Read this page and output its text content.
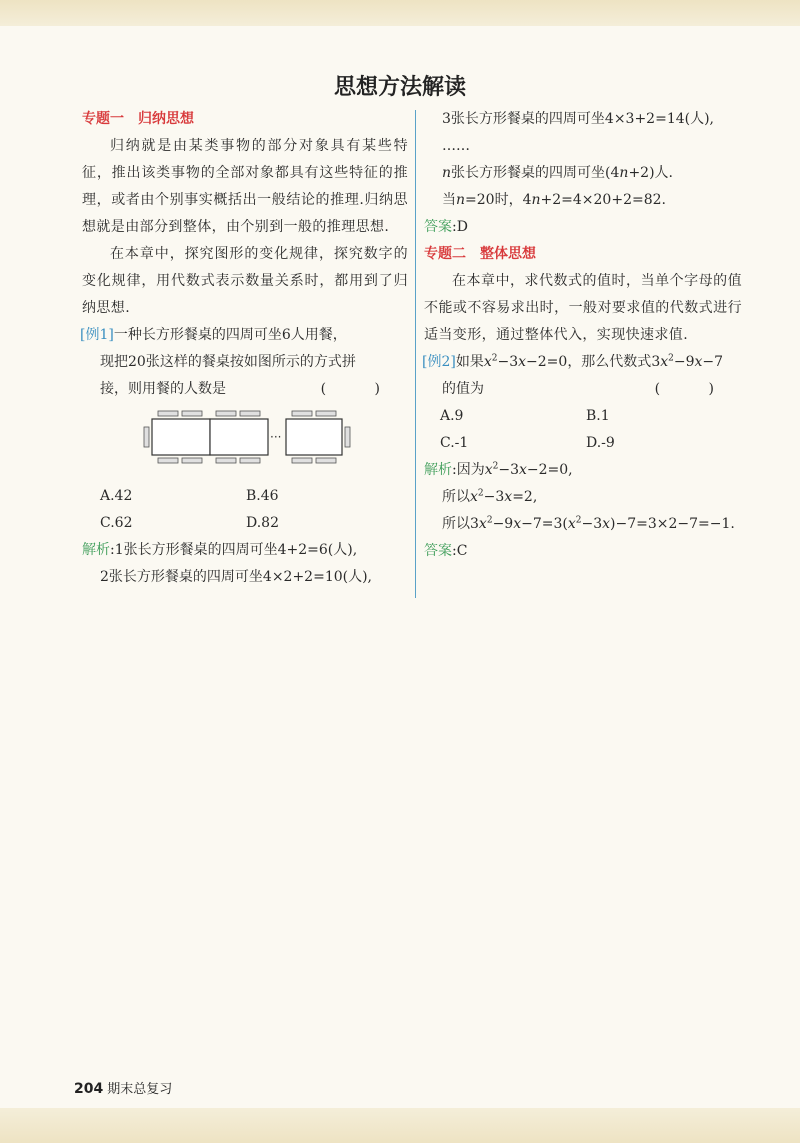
思想方法解读
专题一 归纳思想

归纳就是由某类事物的部分对象具有某些特征，推出该类事物的全部对象都具有这些特征的推理，或者由个别事实概括出一般结论的推理.归纳思想就是由部分到整体，由个别到一般的推理思想.

在本章中，探究图形的变化规律，探究数字的变化规律，用代数式表示数量关系时，都用到了归纳思想.

[例1]一种长方形餐桌的四周可坐6人用餐，
现把20张这样的餐桌按如图所示的方式拼
接，则用餐的人数是	( )
···
A.42	B.46
C.62	D.82
解析:1张长方形餐桌的四周可坐4+2=6(人),
2张长方形餐桌的四周可坐4×2+2=10(人),
3张长方形餐桌的四周可坐4×3+2=14(人),
……
n张长方形餐桌的四周可坐(4n+2)人.
当n=20时，4n+2=4×20+2=82.
答案:D
专题二 整体思想

在本章中，求代数式的值时，当单个字母的值不能或不容易求出时，一般对要求值的代数式进行适当变形，通过整体代入，实现快速求值.

[例2]如果$x^2-3x-2=0$，那么代数式$3x^2-9x-7$
的值为	( )
A.9	B.1
C.-1	D.-9
解析:因为$x^2-3x-2=0$,
所以$x^2-3x=2$,
所以$3x^2-9x-7=3(x^2-3x)-7=3\times 2-7=-1$.
答案:C
204 期末总复习
